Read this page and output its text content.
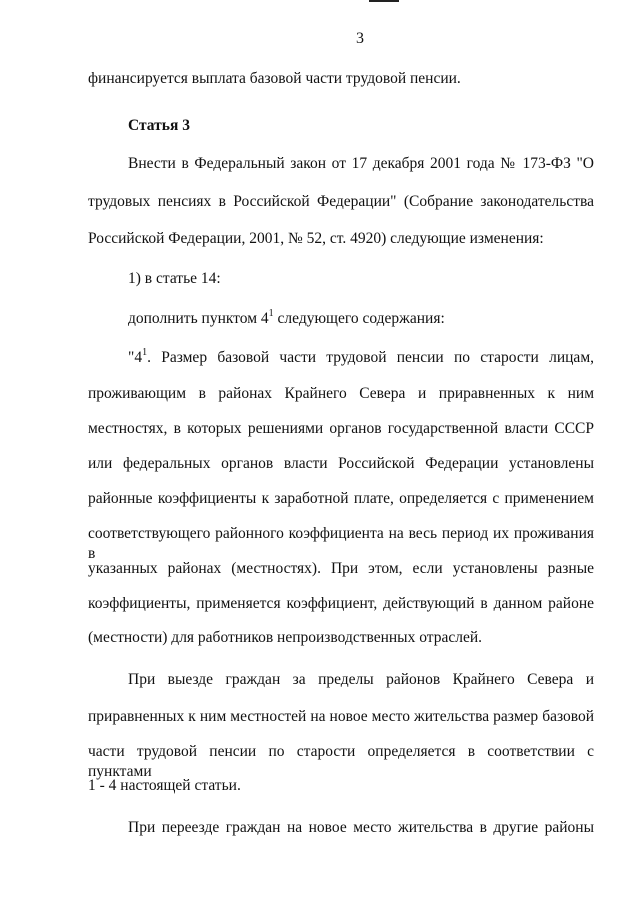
3
финансируется выплата базовой части трудовой пенсии.
Статья 3
Внести в Федеральный закон от 17 декабря 2001 года № 173-ФЗ "О
трудовых пенсиях в Российской Федерации" (Собрание законодательства
Российской Федерации, 2001, № 52, ст. 4920) следующие изменения:
1) в статье 14:
дополнить пунктом $4^1$ следующего содержания:
"$4^1$. Размер базовой части трудовой пенсии по старости лицам,
проживающим в районах Крайнего Севера и приравненных к ним
местностях, в которых решениями органов государственной власти СССР
или федеральных органов власти Российской Федерации установлены
районные коэффициенты к заработной плате, определяется с применением
соответствующего районного коэффициента на весь период их проживания в
указанных районах (местностях). При этом, если установлены разные
коэффициенты, применяется коэффициент, действующий в данном районе
(местности) для работников непроизводственных отраслей.
При выезде граждан за пределы районов Крайнего Севера и
приравненных к ним местностей на новое место жительства размер базовой
части трудовой пенсии по старости определяется в соответствии с пунктами
1 - 4 настоящей статьи.
При переезде граждан на новое место жительства в другие районы
